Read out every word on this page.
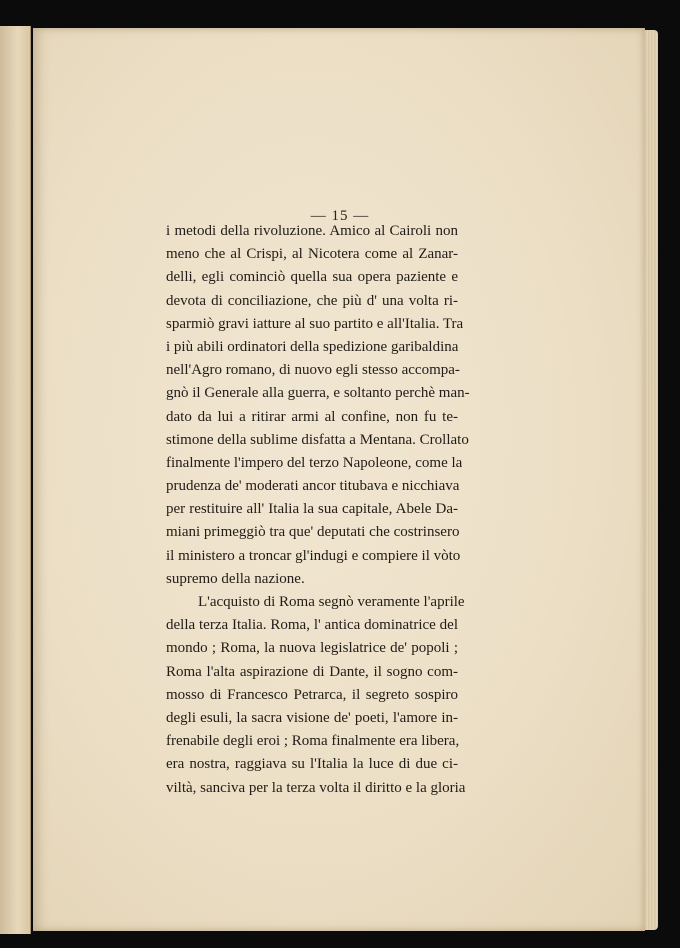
— 15 —
i metodi della rivoluzione. Amico al Cairoli non
meno che al Crispi, al Nicotera come al Zanar-
delli, egli cominciò quella sua opera paziente e
devota di conciliazione, che più d' una volta ri-
sparmiò gravi iatture al suo partito e all'Italia. Tra
i più abili ordinatori della spedizione garibaldina
nell'Agro romano, di nuovo egli stesso accompa-
gnò il Generale alla guerra, e soltanto perchè man-
dato da lui a ritirar armi al confine, non fu te-
stimone della sublime disfatta a Mentana. Crollato
finalmente l'impero del terzo Napoleone, come la
prudenza de' moderati ancor titubava e nicchiava
per restituire all' Italia la sua capitale, Abele Da-
miani primeggiò tra que' deputati che costrinsero
il ministero a troncar gl'indugi e compiere il vòto
supremo della nazione.
L'acquisto di Roma segnò veramente l'aprile
della terza Italia. Roma, l' antica dominatrice del
mondo ; Roma, la nuova legislatrice de' popoli ;
Roma l'alta aspirazione di Dante, il sogno com-
mosso di Francesco Petrarca, il segreto sospiro
degli esuli, la sacra visione de' poeti, l'amore in-
frenabile degli eroi ; Roma finalmente era libera,
era nostra, raggiava su l'Italia la luce di due ci-
viltà, sanciva per la terza volta il diritto e la gloria
